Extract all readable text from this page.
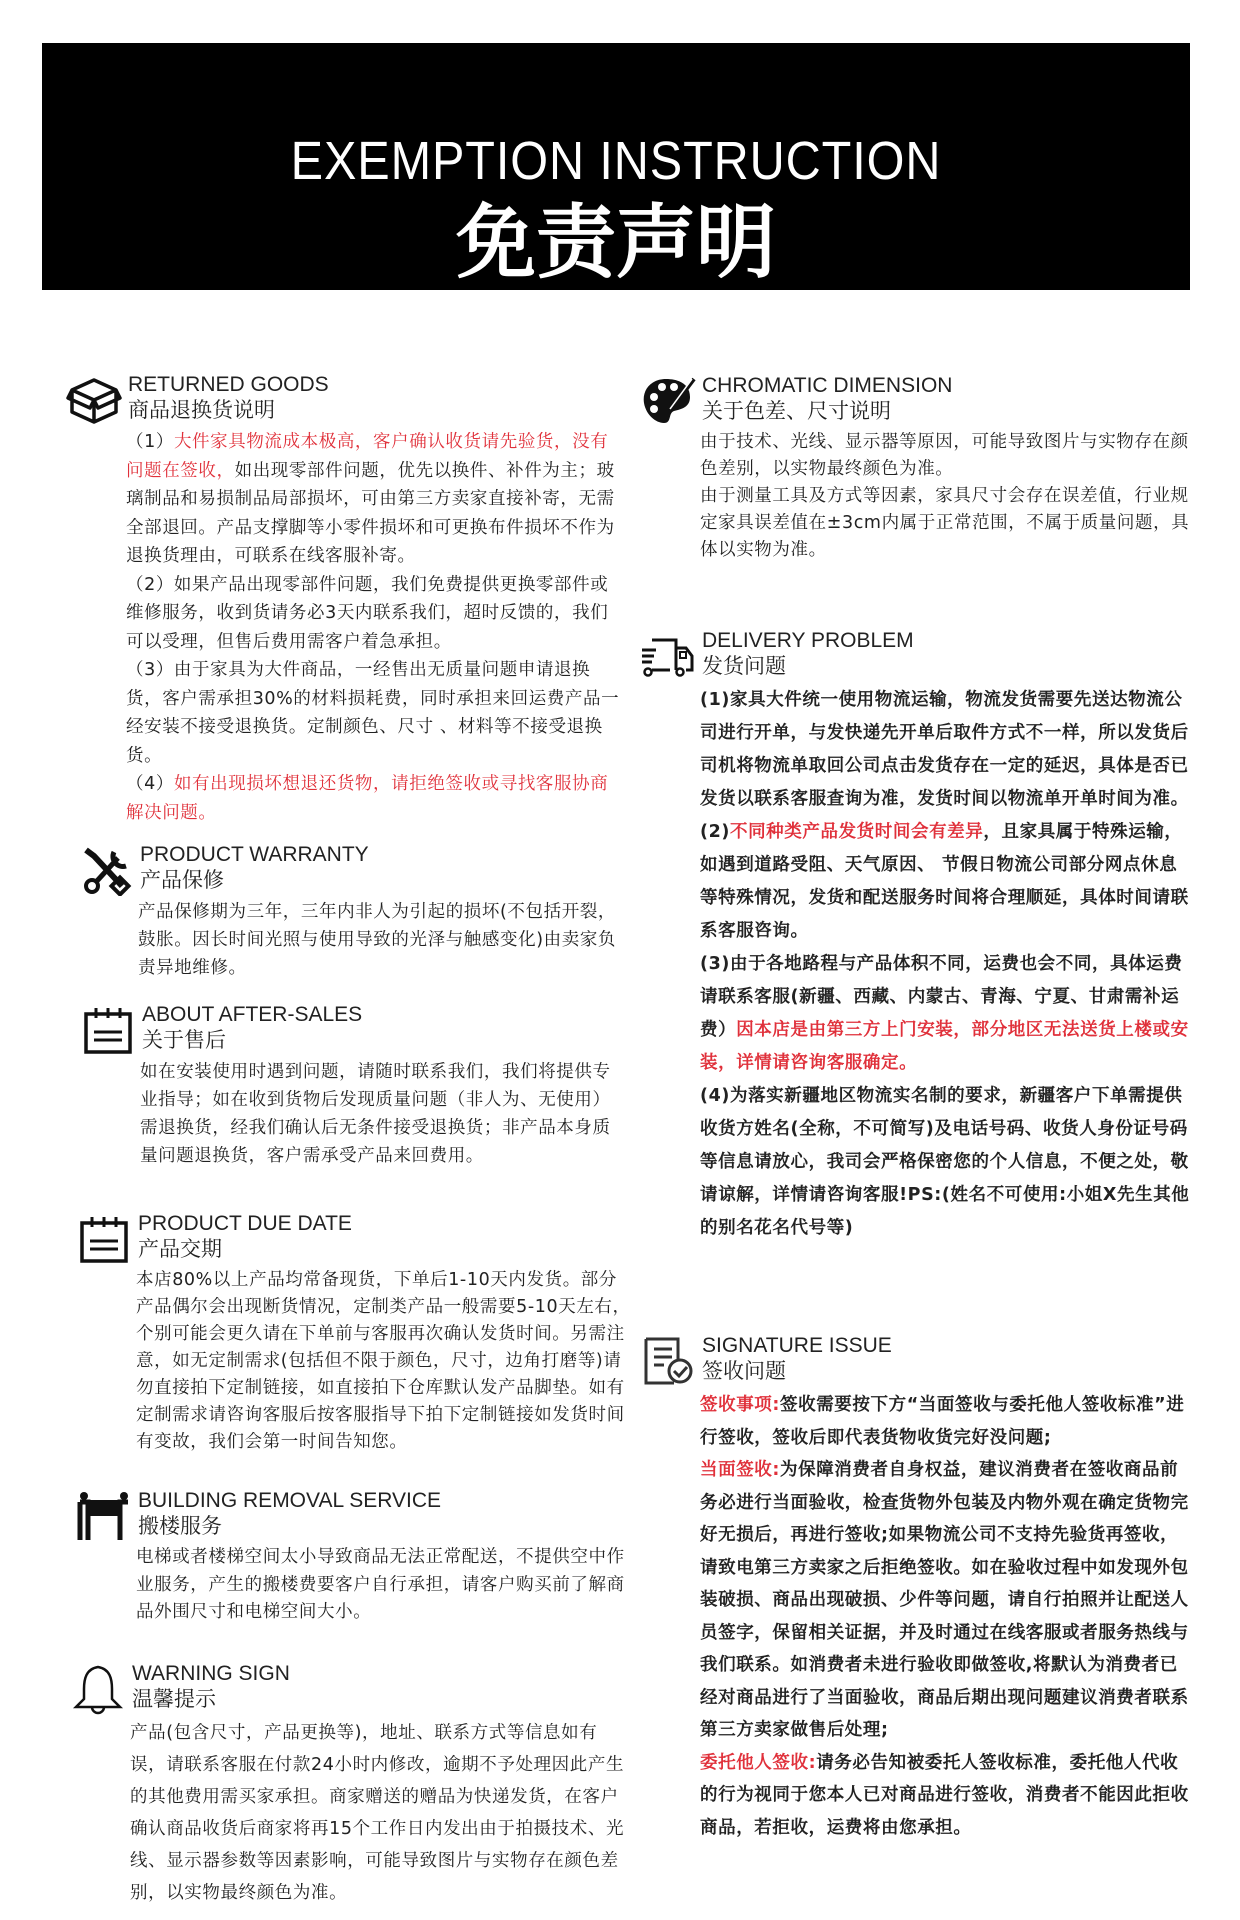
EXEMPTION INSTRUCTION
免责声明
RETURNED GOODS
商品退换货说明

（1）大件家具物流成本极高，客户确认收货请先验货，没有问题在签收，如出现零部件问题，优先以换件、补件为主；玻璃制品和易损制品局部损坏，可由第三方卖家直接补寄，无需全部退回。产品支撑脚等小零件损坏和可更换布件损坏不作为退换货理由，可联系在线客服补寄。

（2）如果产品出现零部件问题，我们免费提供更换零部件或维修服务，收到货请务必3天内联系我们，超时反馈的，我们可以受理，但售后费用需客户着急承担。

（3）由于家具为大件商品，一经售出无质量问题申请退换货，客户需承担30%的材料损耗费，同时承担来回运费产品一经安装不接受退换货。定制颜色、尺寸 、材料等不接受退换货。

（4）如有出现损坏想退还货物，请拒绝签收或寻找客服协商解决问题。

PRODUCT WARRANTY
产品保修

产品保修期为三年，三年内非人为引起的损坏(不包括开裂，鼓胀。因长时间光照与使用导致的光泽与触感变化)由卖家负责异地维修。

ABOUT AFTER-SALES
关于售后

如在安装使用时遇到问题，请随时联系我们，我们将提供专业指导；如在收到货物后发现质量问题（非人为、无使用）需退换货，经我们确认后无条件接受退换货；非产品本身质量问题退换货，客户需承受产品来回费用。

PRODUCT DUE DATE
产品交期

本店80%以上产品均常备现货，下单后1-10天内发货。部分产品偶尔会出现断货情况，定制类产品一般需要5-10天左右，个别可能会更久请在下单前与客服再次确认发货时间。另需注意，如无定制需求(包括但不限于颜色，尺寸，边角打磨等)请勿直接拍下定制链接，如直接拍下仓库默认发产品脚垫。如有定制需求请咨询客服后按客服指导下拍下定制链接如发货时间有变故，我们会第一时间告知您。

BUILDING REMOVAL SERVICE
搬楼服务

电梯或者楼梯空间太小导致商品无法正常配送，不提供空中作业服务，产生的搬楼费要客户自行承担，请客户购买前了解商品外围尺寸和电梯空间大小。

WARNING SIGN
温馨提示

产品(包含尺寸，产品更换等)，地址、联系方式等信息如有误，请联系客服在付款24小时内修改，逾期不予处理因此产生的其他费用需买家承担。商家赠送的赠品为快递发货，在客户确认商品收货后商家将再15个工作日内发出由于拍摄技术、光线、显示器参数等因素影响，可能导致图片与实物存在颜色差别，以实物最终颜色为准。

CHROMATIC DIMENSION
关于色差、尺寸说明

由于技术、光线、显示器等原因，可能导致图片与实物存在颜色差别，以实物最终颜色为准。

由于测量工具及方式等因素，家具尺寸会存在误差值，行业规定家具误差值在±3cm内属于正常范围，不属于质量问题，具体以实物为准。

DELIVERY PROBLEM
发货问题

(1)家具大件统一使用物流运输，物流发货需要先送达物流公司进行开单，与发快递先开单后取件方式不一样，所以发货后司机将物流单取回公司点击发货存在一定的延迟，具体是否已发货以联系客服查询为准，发货时间以物流单开单时间为准。

(2)不同种类产品发货时间会有差异，且家具属于特殊运输，如遇到道路受阻、天气原因、 节假日物流公司部分网点休息等特殊情况，发货和配送服务时间将合理顺延，具体时间请联系客服咨询。

(3)由于各地路程与产品体积不同，运费也会不同，具体运费请联系客服(新疆、西藏、内蒙古、青海、宁夏、甘肃需补运费）因本店是由第三方上门安装，部分地区无法送货上楼或安装，详情请咨询客服确定。

(4)为落实新疆地区物流实名制的要求，新疆客户下单需提供收货方姓名(全称，不可简写)及电话号码、收货人身份证号码等信息请放心，我司会严格保密您的个人信息，不便之处，敬请谅解，详情请咨询客服!PS:(姓名不可使用:小姐X先生其他的别名花名代号等)

SIGNATURE ISSUE
签收问题

签收事项:签收需要按下方“当面签收与委托他人签收标准”进行签收，签收后即代表货物收货完好没问题;

当面签收:为保障消费者自身权益，建议消费者在签收商品前务必进行当面验收，检查货物外包装及内物外观在确定货物完好无损后，再进行签收;如果物流公司不支持先验货再签收，请致电第三方卖家之后拒绝签收。如在验收过程中如发现外包装破损、商品出现破损、少件等问题，请自行拍照并让配送人员签字，保留相关证据，并及时通过在线客服或者服务热线与我们联系。如消费者未进行验收即做签收,将默认为消费者已经对商品进行了当面验收，商品后期出现问题建议消费者联系第三方卖家做售后处理;

委托他人签收:请务必告知被委托人签收标准，委托他人代收的行为视同于您本人已对商品进行签收，消费者不能因此拒收商品，若拒收，运费将由您承担。
